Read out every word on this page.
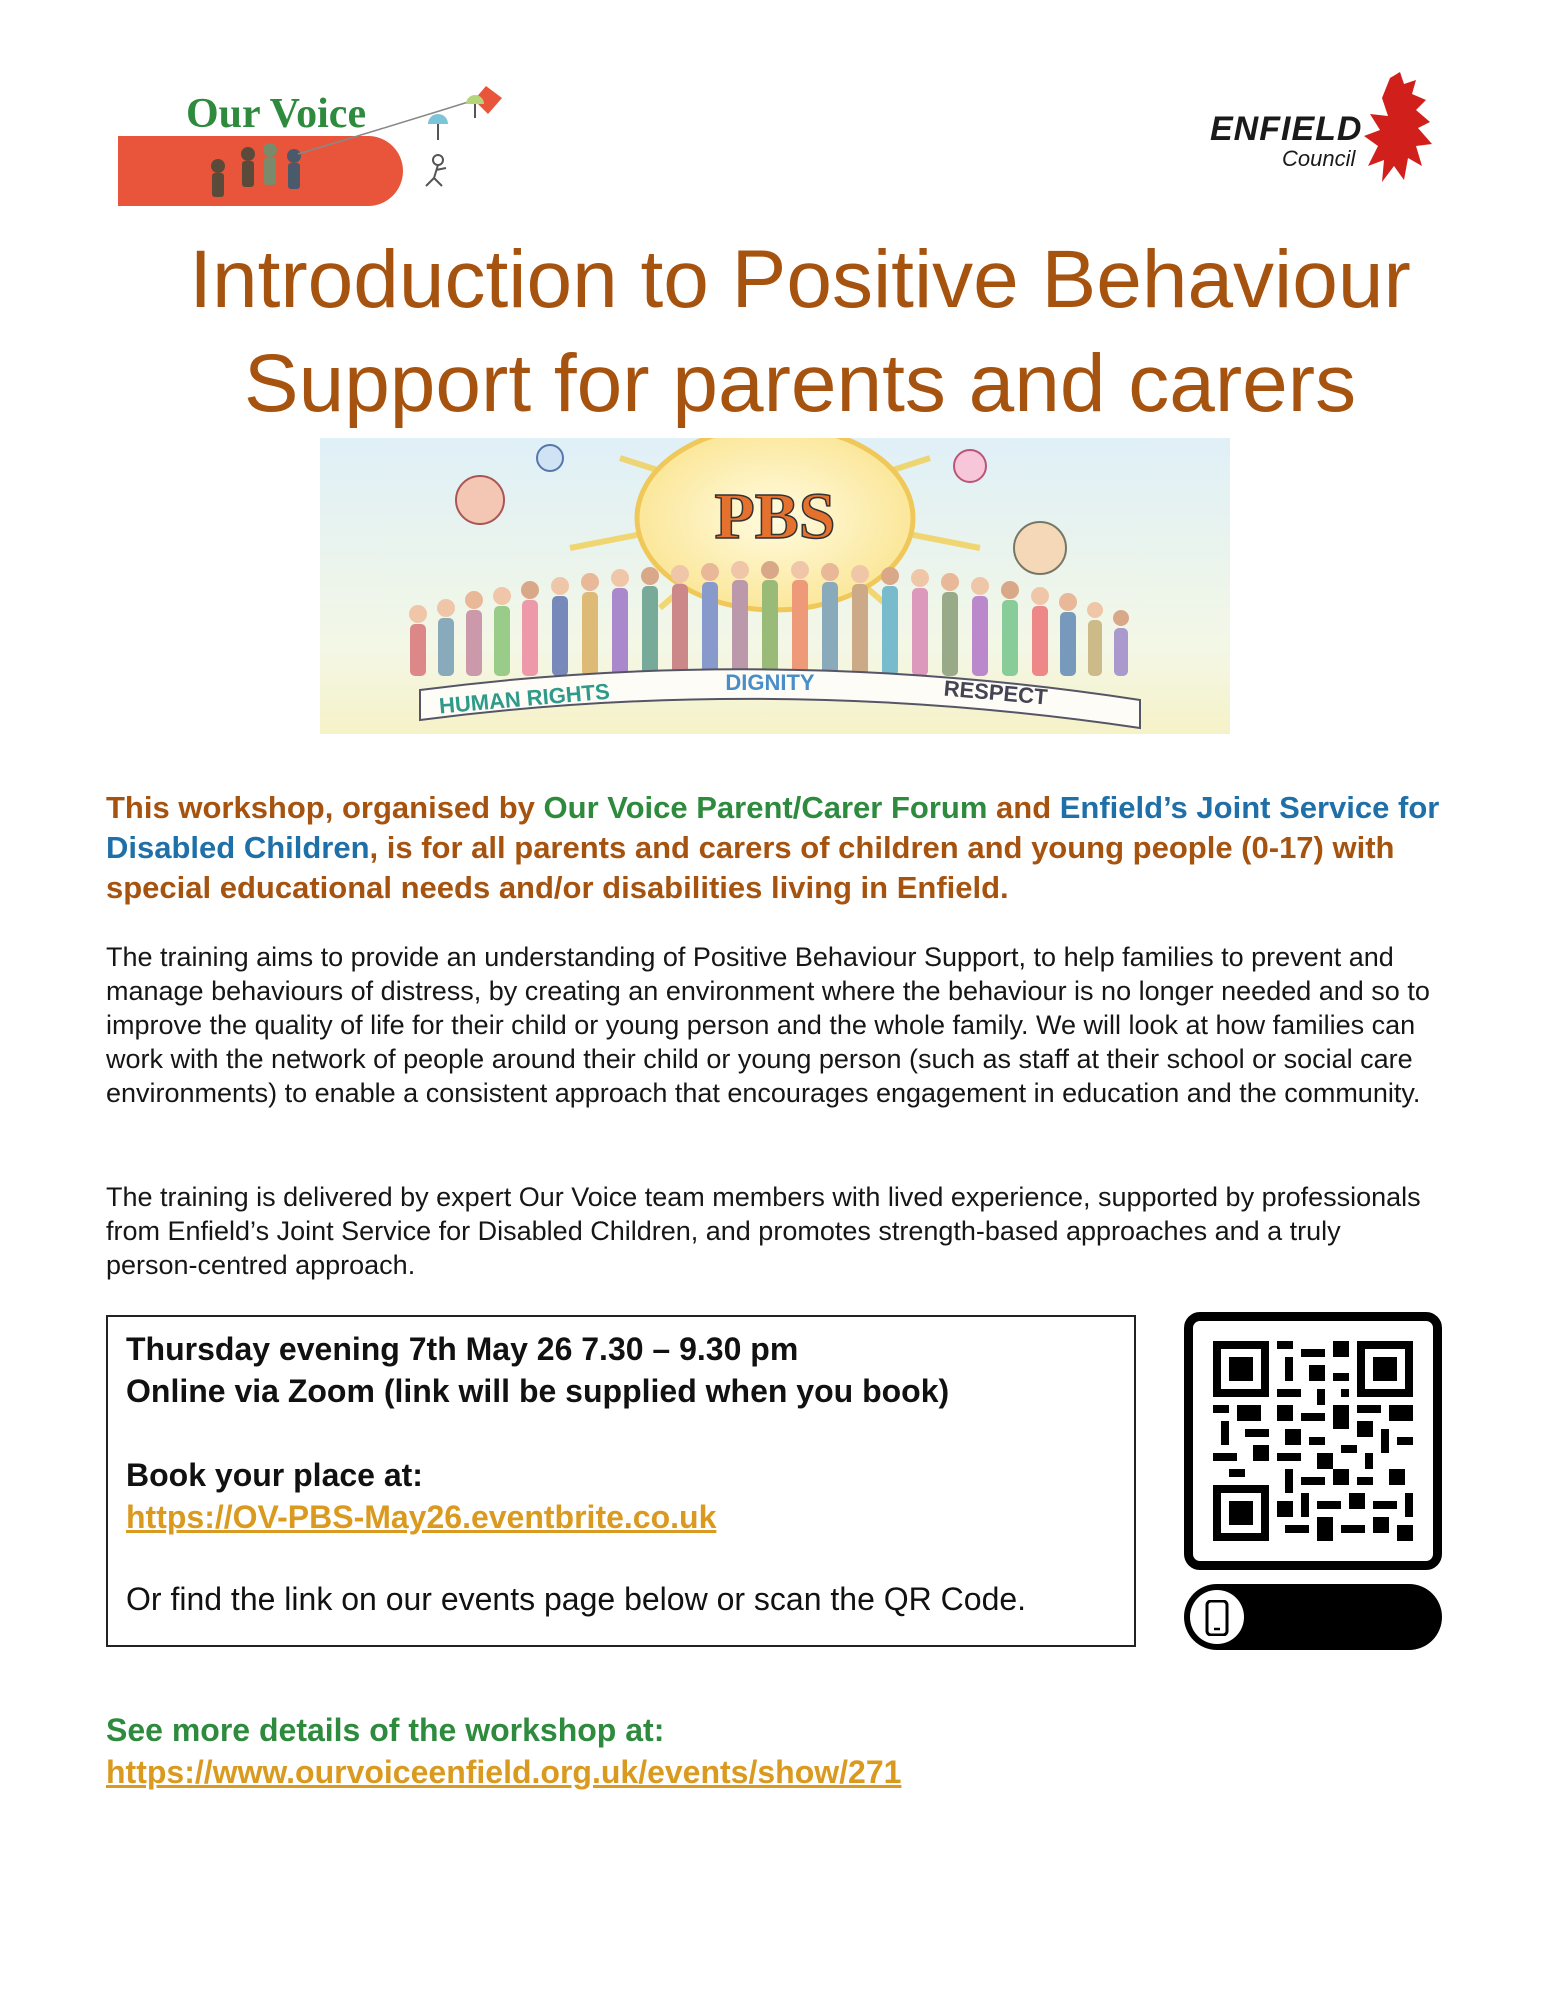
Our Voice	ENFIELD
Council
Introduction to Positive Behaviour
Support for parents and carers
PBS
HUMAN RIGHTS	DIGNITY	RESPECT
This workshop, organised by Our Voice Parent/Carer Forum and Enfield’s Joint Service for Disabled Children, is for all parents and carers of children and young people (0-17) with special educational needs and/or disabilities living in Enfield.
The training aims to provide an understanding of Positive Behaviour Support, to help families to prevent and manage behaviours of distress, by creating an environment where the behaviour is no longer needed and so to improve the quality of life for their child or young person and the whole family. We will look at how families can work with the network of people around their child or young person (such as staff at their school or social care environments) to enable a consistent approach that encourages engagement in education and the community.
The training is delivered by expert Our Voice team members with lived experience, supported by professionals from Enfield’s Joint Service for Disabled Children, and promotes strength-based approaches and a truly person-centred approach.
Thursday evening 7th May 26 7.30 – 9.30 pm
Online via Zoom (link will be supplied when you book)
Book your place at:
https://OV-PBS-May26.eventbrite.co.uk
Or find the link on our events page below or scan the QR Code.
See more details of the workshop at:
https://www.ourvoiceenfield.org.uk/events/show/271
